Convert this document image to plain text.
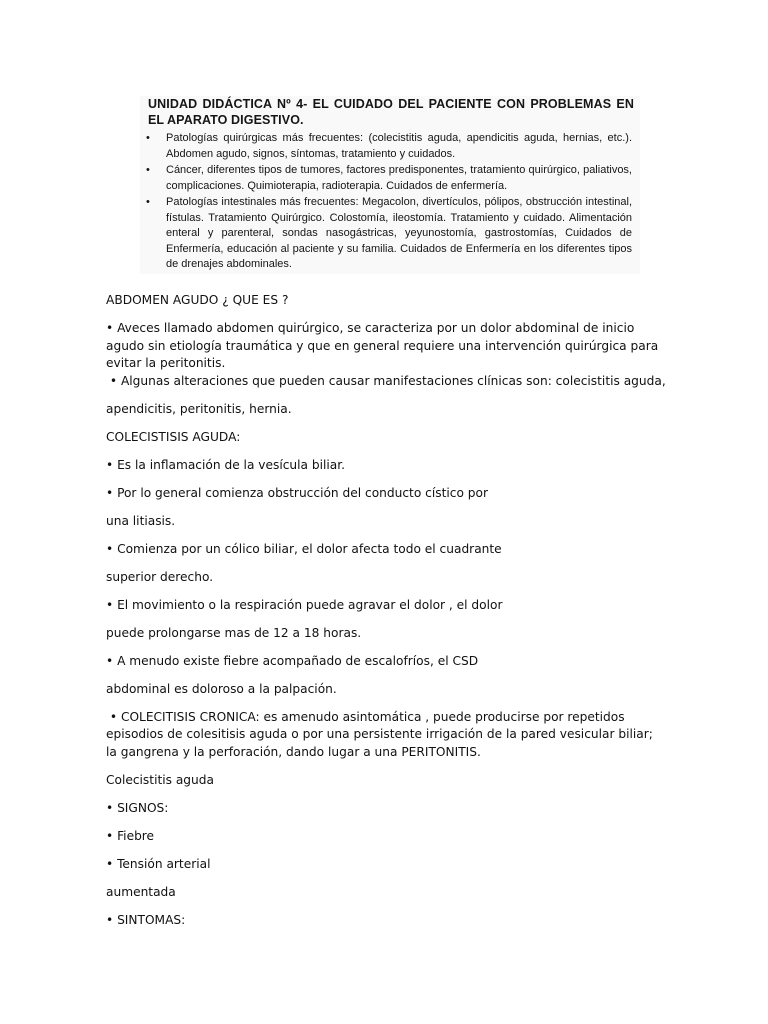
UNIDAD DIDÁCTICA Nº 4- EL CUIDADO DEL PACIENTE CON PROBLEMAS EN EL APARATO DIGESTIVO.
• Patologías quirúrgicas más frecuentes: (colecistitis aguda, apendicitis aguda, hernias, etc.). Abdomen agudo, signos, síntomas, tratamiento y cuidados.
• Cáncer, diferentes tipos de tumores, factores predisponentes, tratamiento quirúrgico, paliativos, complicaciones. Quimioterapia, radioterapia. Cuidados de enfermería.
• Patologías intestinales más frecuentes: Megacolon, divertículos, pólipos, obstrucción intestinal, fístulas. Tratamiento Quirúrgico. Colostomía, ileostomía. Tratamiento y cuidado. Alimentación enteral y parenteral, sondas nasogástricas, yeyunostomía, gastrostomías, Cuidados de Enfermería, educación al paciente y su familia. Cuidados de Enfermería en los diferentes tipos de drenajes abdominales.

ABDOMEN AGUDO ¿ QUE ES ?

• Aveces llamado abdomen quirúrgico, se caracteriza por un dolor abdominal de inicio agudo sin etiología traumática y que en general requiere una intervención quirúrgica para evitar la peritonitis.

• Algunas alteraciones que pueden causar manifestaciones clínicas son: colecistitis aguda,

apendicitis, peritonitis, hernia.

COLECISTISIS AGUDA:

• Es la inflamación de la vesícula biliar.

• Por lo general comienza obstrucción del conducto cístico por

una litiasis.

• Comienza por un cólico biliar, el dolor afecta todo el cuadrante

superior derecho.

• El movimiento o la respiración puede agravar el dolor , el dolor

puede prolongarse mas de 12 a 18 horas.

• A menudo existe fiebre acompañado de escalofríos, el CSD

abdominal es doloroso a la palpación.

• COLECITISIS CRONICA: es amenudo asintomática , puede producirse por repetidos episodios de colesitisis aguda o por una persistente irrigación de la pared vesicular biliar; la gangrena y la perforación, dando lugar a una PERITONITIS.

Colecistitis aguda

• SIGNOS:

• Fiebre

• Tensión arterial

aumentada

• SINTOMAS:
